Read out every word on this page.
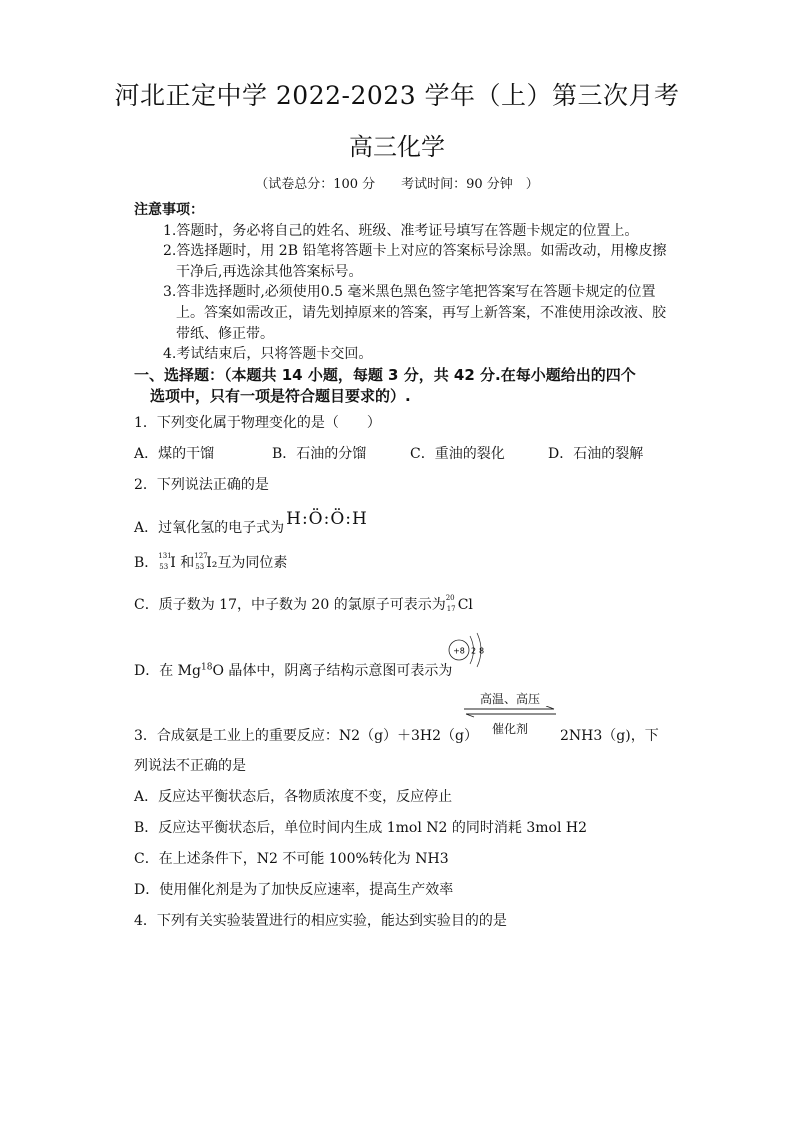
河北正定中学 2022-2023 学年（上）第三次月考
高三化学
（试卷总分：100 分　　考试时间：90 分钟　）
注意事项：
1.答题时，务必将自己的姓名、班级、准考证号填写在答题卡规定的位置上。
2.答选择题时，用 2B 铅笔将答题卡上对应的答案标号涂黑。如需改动，用橡皮擦
干净后,再选涂其他答案标号。
3.答非选择题时,必须使用0.5 毫米黑色黑色签字笔把答案写在答题卡规定的位置
上。答案如需改正，请先划掉原来的答案，再写上新答案，不准使用涂改液、胶
带纸、修正带。
4.考试结束后，只将答题卡交回。
一、选择题：（本题共 14 小题，每题 3 分，共 42 分.在每小题给出的四个
选项中，只有一项是符合题目要求的）.
1．下列变化属于物理变化的是（　　）
A．煤的干馏	B．石油的分馏	C．重油的裂化	D．石油的裂解
2．下列说法正确的是
A．过氧化氢的电子式为 H:Ö:Ö:H
B． 131
53 I 和 127
53 I₂互为同位素
C．质子数为 17，中子数为 20 的氯原子可表示为 20
17 Cl
D．在 Mg$^{18}$O 晶体中，阴离子结构示意图可表示为
+8 2 8
3．合成氨是工业上的重要反应：N2（g）＋3H2（g）
高温、高压
催化剂	2NH3（g)，下
列说法不正确的是
A．反应达平衡状态后，各物质浓度不变，反应停止
B．反应达平衡状态后，单位时间内生成 1mol N2 的同时消耗 3mol H2
C．在上述条件下，N2 不可能 100%转化为 NH3
D．使用催化剂是为了加快反应速率，提高生产效率
4．下列有关实验装置进行的相应实验，能达到实验目的的是
